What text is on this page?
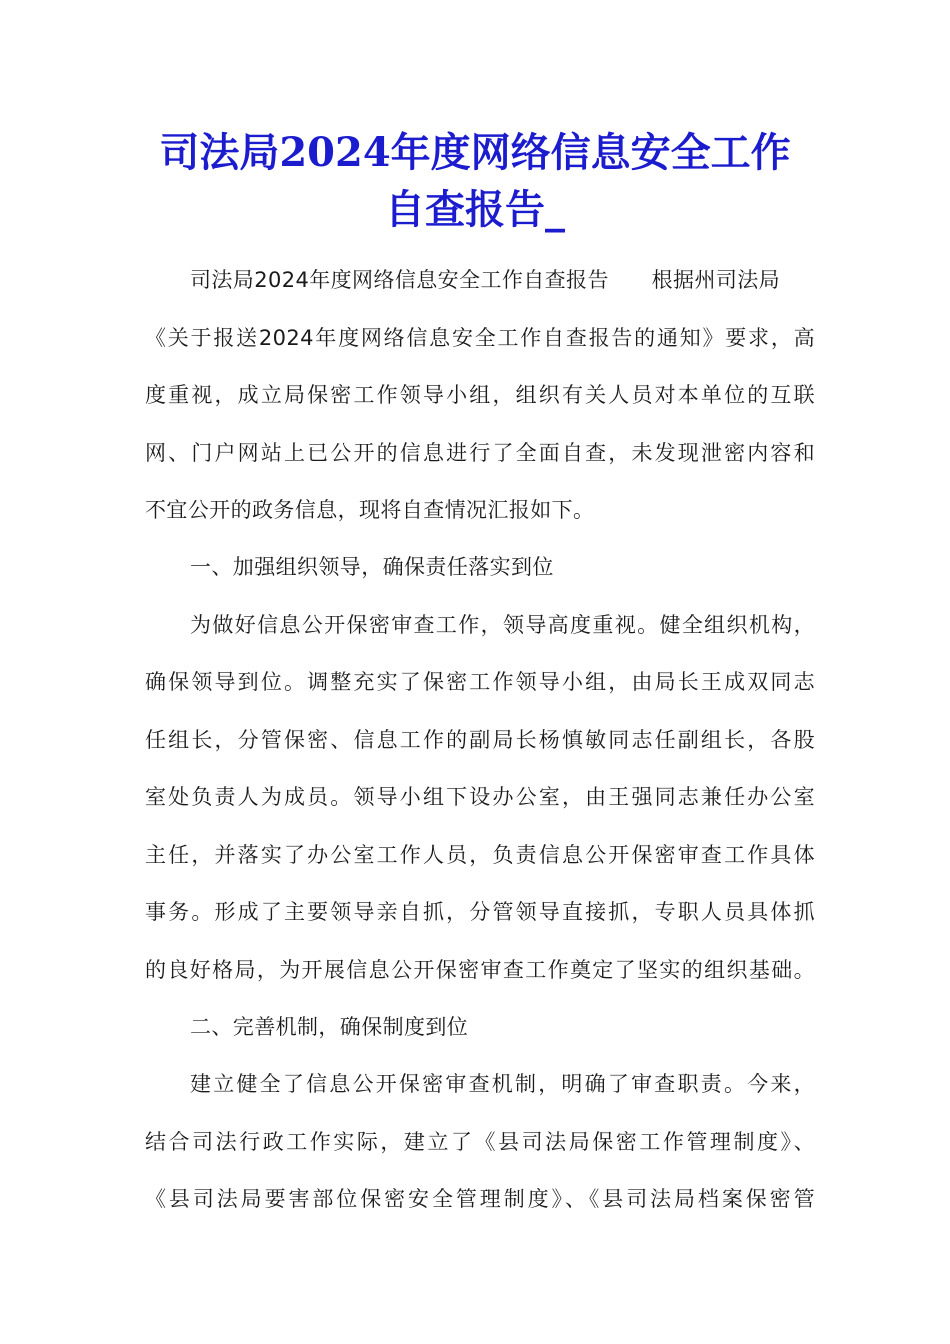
司法局2024年度网络信息安全工作
自查报告_
司法局2024年度网络信息安全工作自查报告　　根据州司法局
《关于报送2024年度网络信息安全工作自查报告的通知》要求，高
度重视，成立局保密工作领导小组，组织有关人员对本单位的互联
网、门户网站上已公开的信息进行了全面自查，未发现泄密内容和
不宜公开的政务信息，现将自查情况汇报如下。
一、加强组织领导，确保责任落实到位
为做好信息公开保密审查工作，领导高度重视。健全组织机构，
确保领导到位。调整充实了保密工作领导小组，由局长王成双同志
任组长，分管保密、信息工作的副局长杨慎敏同志任副组长，各股
室处负责人为成员。领导小组下设办公室，由王强同志兼任办公室
主任，并落实了办公室工作人员，负责信息公开保密审查工作具体
事务。形成了主要领导亲自抓，分管领导直接抓，专职人员具体抓
的良好格局，为开展信息公开保密审查工作奠定了坚实的组织基础。
二、完善机制，确保制度到位
建立健全了信息公开保密审查机制，明确了审查职责。今来，
结合司法行政工作实际，建立了《县司法局保密工作管理制度》、
《县司法局要害部位保密安全管理制度》、《县司法局档案保密管
